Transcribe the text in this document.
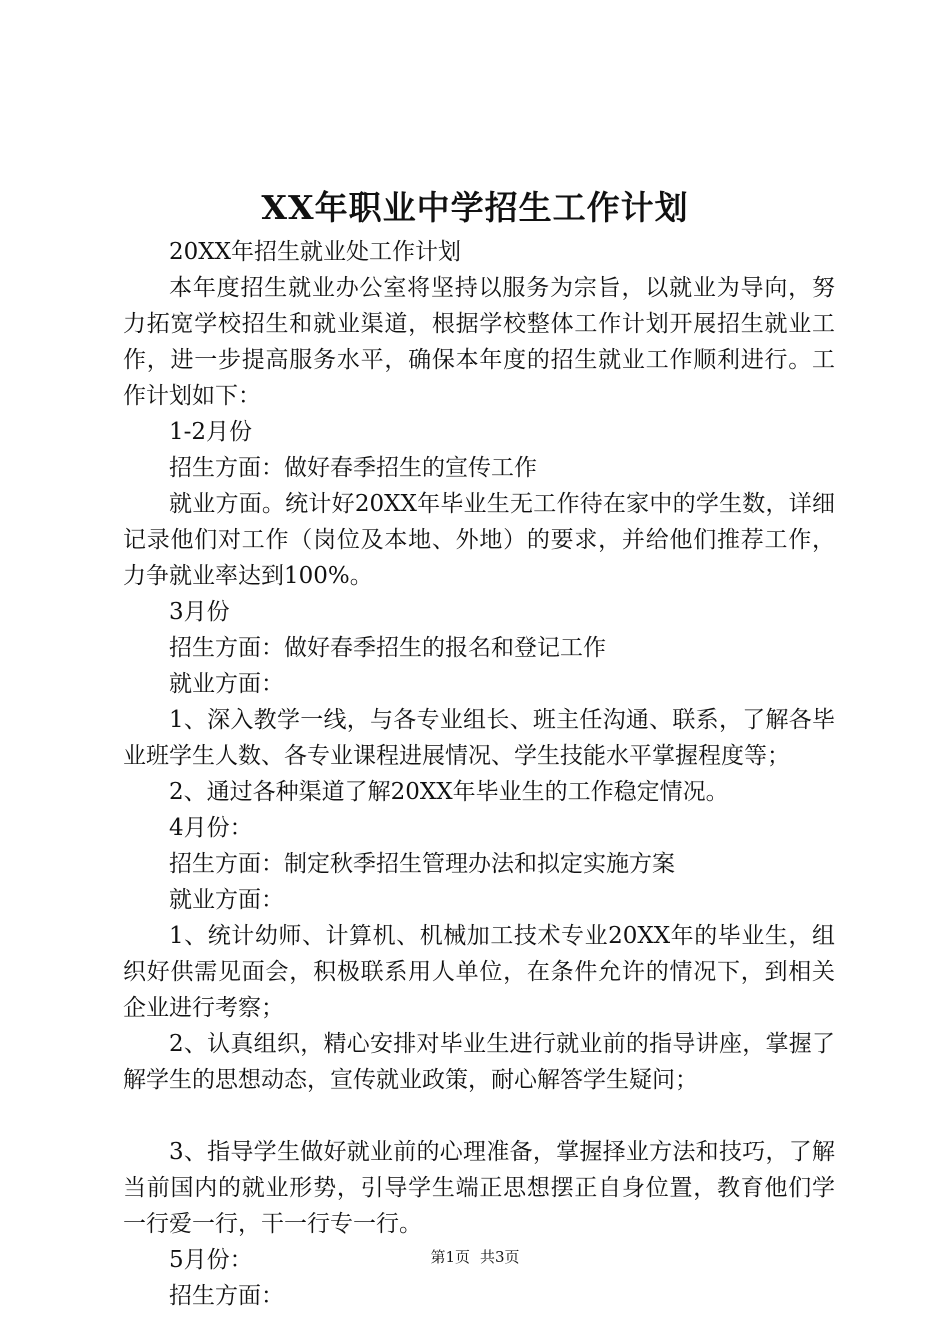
XX年职业中学招生工作计划

20XX年招生就业处工作计划

本年度招生就业办公室将坚持以服务为宗旨，以就业为导向，努力拓宽学校招生和就业渠道，根据学校整体工作计划开展招生就业工作，进一步提高服务水平，确保本年度的招生就业工作顺利进行。工作计划如下：

1-2月份

招生方面：做好春季招生的宣传工作

就业方面。统计好20XX年毕业生无工作待在家中的学生数，详细记录他们对工作（岗位及本地、外地）的要求，并给他们推荐工作，力争就业率达到100%。

3月份

招生方面：做好春季招生的报名和登记工作

就业方面：

1、深入教学一线，与各专业组长、班主任沟通、联系，了解各毕业班学生人数、各专业课程进展情况、学生技能水平掌握程度等；

2、通过各种渠道了解20XX年毕业生的工作稳定情况。

4月份：

招生方面：制定秋季招生管理办法和拟定实施方案

就业方面：

1、统计幼师、计算机、机械加工技术专业20XX年的毕业生，组织好供需见面会，积极联系用人单位，在条件允许的情况下，到相关企业进行考察；

2、认真组织，精心安排对毕业生进行就业前的指导讲座，掌握了解学生的思想动态，宣传就业政策，耐心解答学生疑问；

3、指导学生做好就业前的心理准备，掌握择业方法和技巧，了解当前国内的就业形势，引导学生端正思想摆正自身位置，教育他们学一行爱一行，干一行专一行。

5月份：

招生方面：

第1页 共3页
